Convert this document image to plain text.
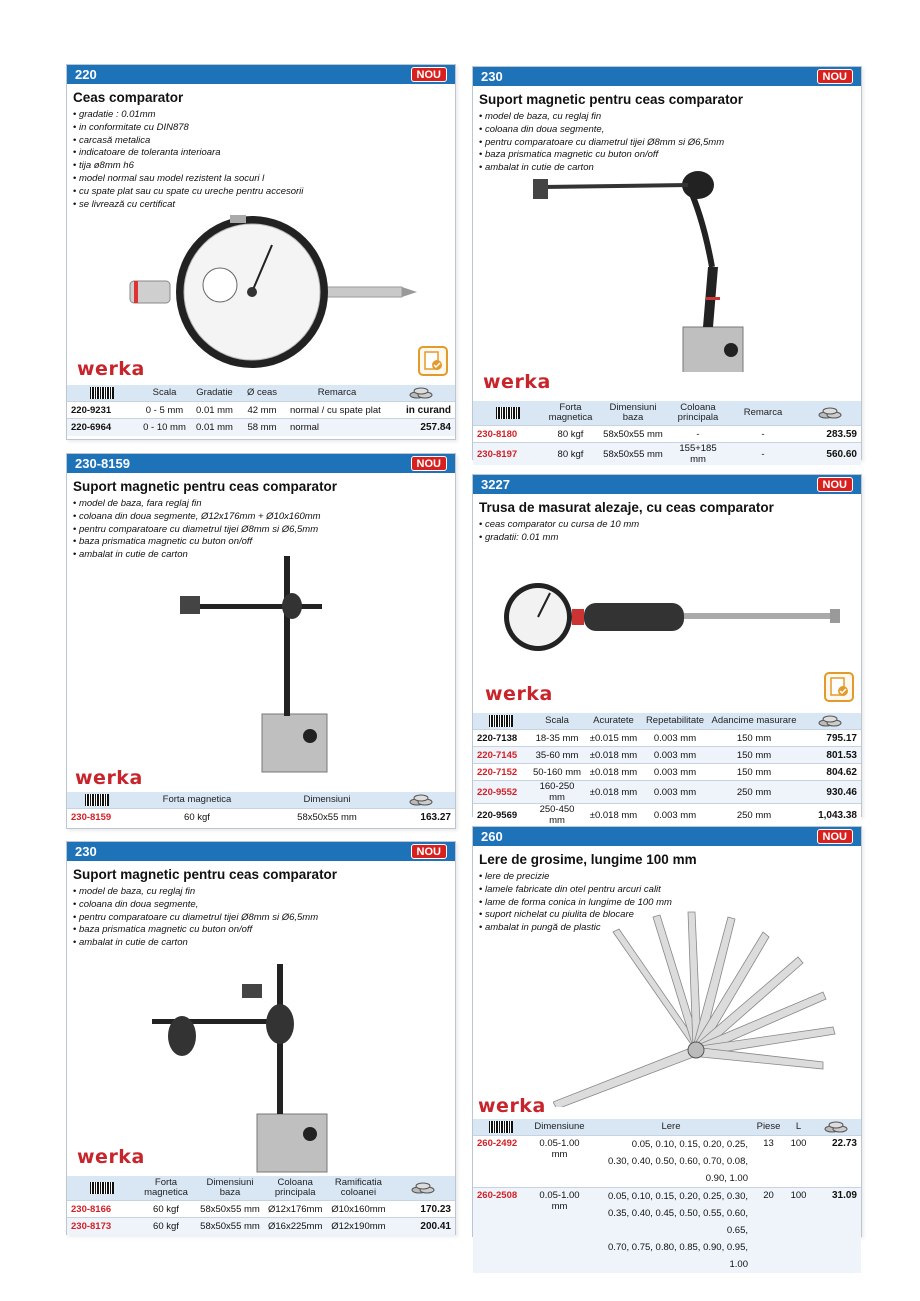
220	NOU
Ceas comparator
• gradatie : 0.01mm
• in conformitate cu DIN878
• carcasă metalica
• indicatoare de toleranta interioara
• tija ø8mm h6
• model normal sau model rezistent la socuri l
• cu spate plat sau cu spate cu ureche pentru accesorii
• se livrează cu certificat
werka
	Scala	Gradatie	Ø ceas	Remarca	
220-9231	0 - 5 mm	0.01 mm	42 mm	normal / cu spate plat	in curand
220-6964	0 - 10 mm	0.01 mm	58 mm	normal	257.84
230	NOU
Suport magnetic pentru ceas comparator
• model de baza, cu reglaj fin
• coloana din doua segmente,
• pentru comparatoare cu diametrul tijei Ø8mm si Ø6,5mm
• baza prismatica magnetic cu buton on/off
• ambalat in cutie de carton
werka
	Forta magnetica	Dimensiuni baza	Coloana principala	Remarca	
230-8180	80 kgf	58x50x55 mm	-	-	283.59
230-8197	80 kgf	58x50x55 mm	155+185 mm	-	560.60
230-8159	NOU
Suport magnetic pentru ceas comparator
• model de baza, fara reglaj fin
• coloana din doua segmente, Ø12x176mm + Ø10x160mm
• pentru comparatoare cu diametrul tijei Ø8mm si Ø6,5mm
• baza prismatica magnetic cu buton on/off
• ambalat in cutie de carton
werka
	Forta magnetica	Dimensiuni	
230-8159	60 kgf	58x50x55 mm	163.27
3227	NOU
Trusa de masurat alezaje, cu ceas comparator
• ceas comparator cu cursa de 10 mm
• gradatii: 0.01 mm
werka
	Scala	Acuratete	Repetabilitate	Adancime masurare	
220-7138	18-35 mm	±0.015 mm	0.003 mm	150 mm	795.17
220-7145	35-60 mm	±0.018 mm	0.003 mm	150 mm	801.53
220-7152	50-160 mm	±0.018 mm	0.003 mm	150 mm	804.62
220-9552	160-250 mm	±0.018 mm	0.003 mm	250 mm	930.46
220-9569	250-450 mm	±0.018 mm	0.003 mm	250 mm	1,043.38
230	NOU
Suport magnetic pentru ceas comparator
• model de baza, cu reglaj fin
• coloana din doua segmente,
• pentru comparatoare cu diametrul tijei Ø8mm si Ø6,5mm
• baza prismatica magnetic cu buton on/off
• ambalat in cutie de carton
werka
	Forta magnetica	Dimensiuni baza	Coloana principala	Ramificatia coloanei	
230-8166	60 kgf	58x50x55 mm	Ø12x176mm	Ø10x160mm	170.23
230-8173	60 kgf	58x50x55 mm	Ø16x225mm	Ø12x190mm	200.41
260	NOU
Lere de grosime, lungime 100 mm
• lere de precizie
• lamele fabricate din otel pentru arcuri calit
• lame de forma conica in lungime de 100 mm
• suport nichelat cu piulita de blocare
• ambalat in pungă de plastic
werka
	Dimensiune	Lere	Piese	L	
260-2492	0.05-1.00 mm	0.05, 0.10, 0.15, 0.20, 0.25,
0.30, 0.40, 0.50, 0.60, 0.70, 0.08,
0.90, 1.00	13	100	22.73
260-2508	0.05-1.00 mm	0.05, 0.10, 0.15, 0.20, 0.25, 0.30,
0.35, 0.40, 0.45, 0.50, 0.55, 0.60, 0.65,
0.70, 0.75, 0.80, 0.85, 0.90, 0.95, 1.00	20	100	31.09
